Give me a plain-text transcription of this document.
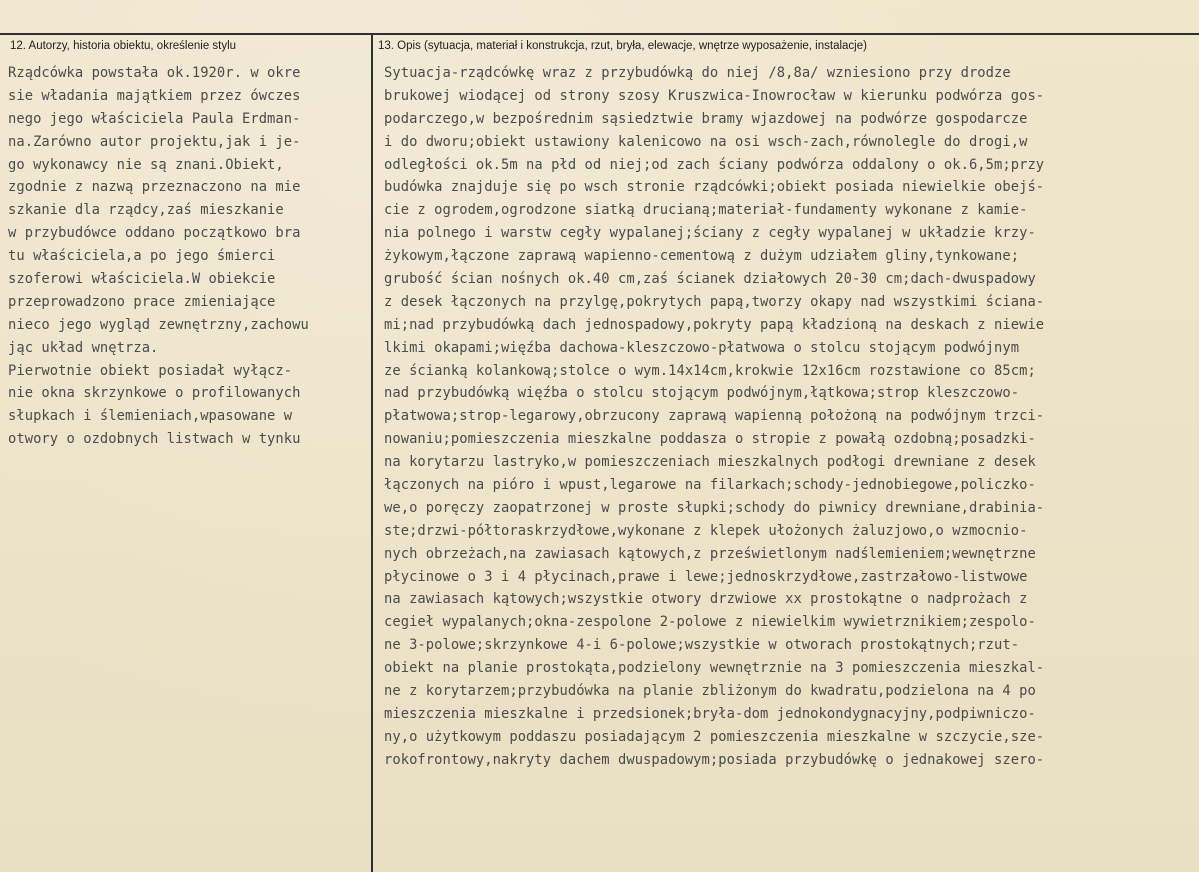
12. Autorzy, historia obiektu, określenie stylu	13. Opis (sytuacja, materiał i konstrukcja, rzut, bryła, elewacje, wnętrze wyposażenie, instalacje)
Rządcówka powstała ok.1920r. w okre
sie władania majątkiem przez ówczes
nego jego właściciela Paula Erdman-
na.Zarówno autor projektu,jak i je-
go wykonawcy nie są znani.Obiekt,
zgodnie z nazwą przeznaczono na mie
szkanie dla rządcy,zaś mieszkanie
w przybudówce oddano początkowo bra
tu właściciela,a po jego śmierci
szoferowi właściciela.W obiekcie
przeprowadzono prace zmieniające
nieco jego wygląd zewnętrzny,zachowu
jąc układ wnętrza.
Pierwotnie obiekt posiadał wyłącz-
nie okna skrzynkowe o profilowanych
słupkach i ślemieniach,wpasowane w
otwory o ozdobnych listwach w tynku
Sytuacja-rządcówkę wraz z przybudówką do niej /8,8a/ wzniesiono przy drodze
brukowej wiodącej od strony szosy Kruszwica-Inowrocław w kierunku podwórza gos-
podarczego,w bezpośrednim sąsiedztwie bramy wjazdowej na podwórze gospodarcze
i do dworu;obiekt ustawiony kalenicowo na osi wsch-zach,równolegle do drogi,w
odległości ok.5m na płd od niej;od zach ściany podwórza oddalony o ok.6,5m;przy
budówka znajduje się po wsch stronie rządcówki;obiekt posiada niewielkie obejś-
cie z ogrodem,ogrodzone siatką drucianą;materiał-fundamenty wykonane z kamie-
nia polnego i warstw cegły wypalanej;ściany z cegły wypalanej w układzie krzy-
żykowym,łączone zaprawą wapienno-cementową z dużym udziałem gliny,tynkowane;
grubość ścian nośnych ok.40 cm,zaś ścianek działowych 20-30 cm;dach-dwuspadowy
z desek łączonych na przylgę,pokrytych papą,tworzy okapy nad wszystkimi ściana-
mi;nad przybudówką dach jednospadowy,pokryty papą kładzioną na deskach z niewie
lkimi okapami;więźba dachowa-kleszczowo-płatwowa o stolcu stojącym podwójnym
ze ścianką kolankową;stolce o wym.14x14cm,krokwie 12x16cm rozstawione co 85cm;
nad przybudówką więźba o stolcu stojącym podwójnym,łątkowa;strop kleszczowo-
płatwowa;strop-legarowy,obrzucony zaprawą wapienną położoną na podwójnym trzci-
nowaniu;pomieszczenia mieszkalne poddasza o stropie z powałą ozdobną;posadzki-
na korytarzu lastryko,w pomieszczeniach mieszkalnych podłogi drewniane z desek
łączonych na pióro i wpust,legarowe na filarkach;schody-jednobiegowe,policzko-
we,o poręczy zaopatrzonej w proste słupki;schody do piwnicy drewniane,drabinia-
ste;drzwi-półtoraskrzydłowe,wykonane z klepek ułożonych żaluzjowo,o wzmocnio-
nych obrzeżach,na zawiasach kątowych,z prześwietlonym nadślemieniem;wewnętrzne
płycinowe o 3 i 4 płycinach,prawe i lewe;jednoskrzydłowe,zastrzałowo-listwowe
na zawiasach kątowych;wszystkie otwory drzwiowe xx prostokątne o nadprożach z
cegieł wypalanych;okna-zespolone 2-polowe z niewielkim wywietrznikiem;zespolo-
ne 3-polowe;skrzynkowe 4-i 6-polowe;wszystkie w otworach prostokątnych;rzut-
obiekt na planie prostokąta,podzielony wewnętrznie na 3 pomieszczenia mieszkal-
ne z korytarzem;przybudówka na planie zbliżonym do kwadratu,podzielona na 4 po
mieszczenia mieszkalne i przedsionek;bryła-dom jednokondygnacyjny,podpiwniczo-
ny,o użytkowym poddaszu posiadającym 2 pomieszczenia mieszkalne w szczycie,sze-
rokofrontowy,nakryty dachem dwuspadowym;posiada przybudówkę o jednakowej szero-
